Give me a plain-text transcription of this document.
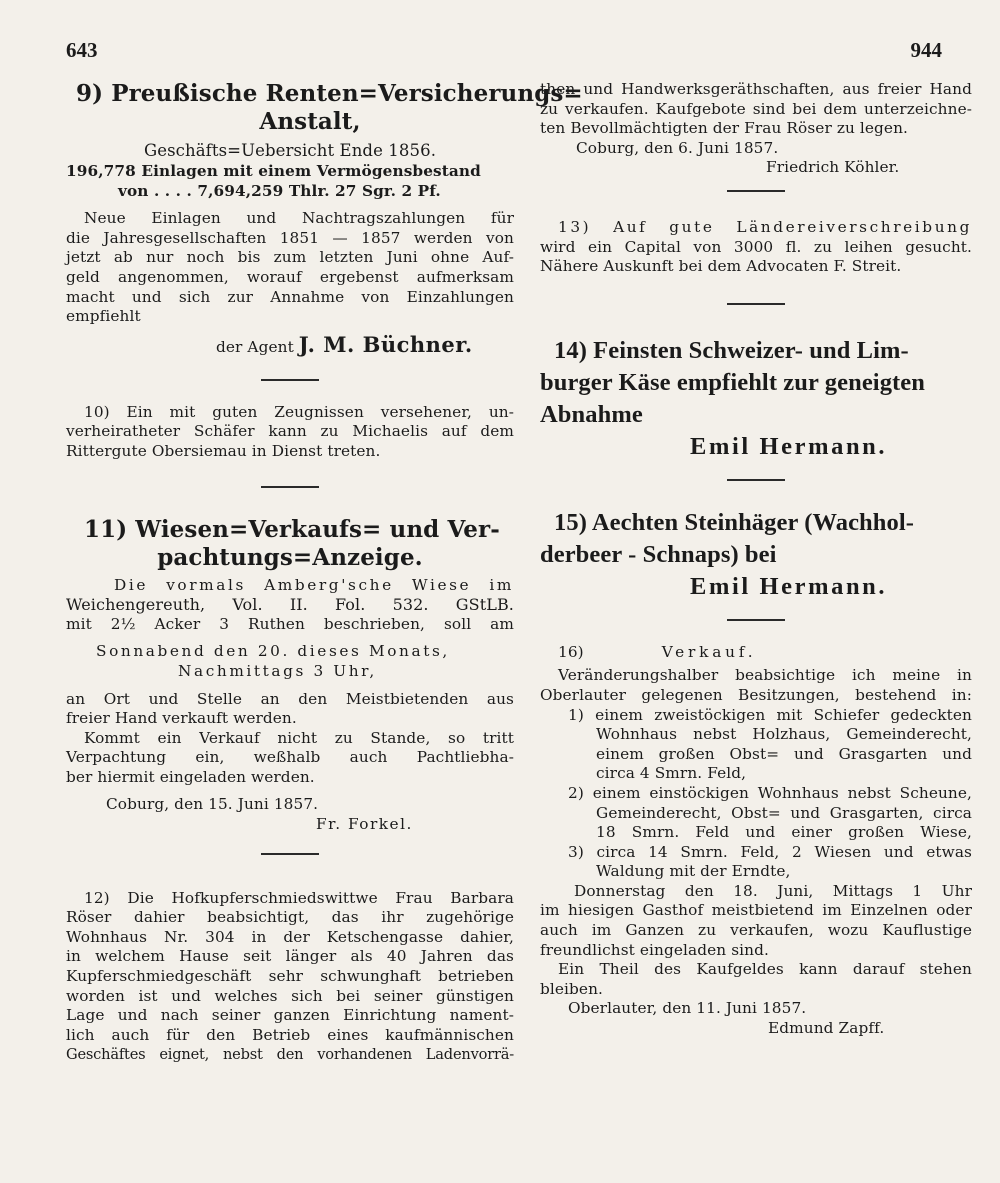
643	944
9) Preußische Renten=Versicherungs=
Anstalt,
Geschäfts=Uebersicht Ende 1856.
196,778 Einlagen mit einem Vermögensbestand
von . . . . 7,694,259 Thlr. 27 Sgr. 2 Pf.
Neue Einlagen und Nachtragszahlungen für
die Jahresgesellschaften 1851 — 1857 werden von
jetzt ab nur noch bis zum letzten Juni ohne Auf-
geld angenommen, worauf ergebenst aufmerksam
macht und sich zur Annahme von Einzahlungen
empfiehlt
der Agent J. M. Büchner.
10) Ein mit guten Zeugnissen versehener, un-
verheiratheter Schäfer kann zu Michaelis auf dem
Rittergute Obersiemau in Dienst treten.
11) Wiesen=Verkaufs= und Ver-
pachtungs=Anzeige.
Die vormals Amberg'sche Wiese im
Weichengereuth, Vol. II. Fol. 532. GStLB.
mit 2½ Acker 3 Ruthen beschrieben, soll am
Sonnabend den 20. dieses Monats,
Nachmittags 3 Uhr,
an Ort und Stelle an den Meistbietenden aus
freier Hand verkauft werden.
Kommt ein Verkauf nicht zu Stande, so tritt
Verpachtung ein, weßhalb auch Pachtliebha-
ber hiermit eingeladen werden.
Coburg, den 15. Juni 1857.
Fr. Forkel.
12) Die Hofkupferschmiedswittwe Frau Barbara
Röser dahier beabsichtigt, das ihr zugehörige
Wohnhaus Nr. 304 in der Ketschengasse dahier,
in welchem Hause seit länger als 40 Jahren das
Kupferschmiedgeschäft sehr schwunghaft betrieben
worden ist und welches sich bei seiner günstigen
Lage und nach seiner ganzen Einrichtung nament-
lich auch für den Betrieb eines kaufmännischen
Geschäftes eignet, nebst den vorhandenen Ladenvorrä-
then und Handwerksgeräthschaften, aus freier Hand
zu verkaufen. Kaufgebote sind bei dem unterzeichne-
ten Bevollmächtigten der Frau Röser zu legen.
Coburg, den 6. Juni 1857.
Friedrich Köhler.
13) Auf gute Ländereiverschreibung
wird ein Capital von 3000 fl. zu leihen gesucht.
Nähere Auskunft bei dem Advocaten F. Streit.
14) Feinsten Schweizer- und Lim-
burger Käse empfiehlt zur geneigten
Abnahme
Emil Hermann.
15) Aechten Steinhäger (Wachhol-
derbeer - Schnaps) bei
Emil Hermann.
16)	Verkauf.
Veränderungshalber beabsichtige ich meine in
Oberlauter gelegenen Besitzungen, bestehend in:
1) einem zweistöckigen mit Schiefer gedeckten
Wohnhaus nebst Holzhaus, Gemeinderecht,
einem großen Obst= und Grasgarten und
circa 4 Smrn. Feld,
2) einem einstöckigen Wohnhaus nebst Scheune,
Gemeinderecht, Obst= und Grasgarten, circa
18 Smrn. Feld und einer großen Wiese,
3) circa 14 Smrn. Feld, 2 Wiesen und etwas
Waldung mit der Erndte,
Donnerstag den 18. Juni, Mittags 1 Uhr
im hiesigen Gasthof meistbietend im Einzelnen oder
auch im Ganzen zu verkaufen, wozu Kauflustige
freundlichst eingeladen sind.
Ein Theil des Kaufgeldes kann darauf stehen
bleiben.
Oberlauter, den 11. Juni 1857.
Edmund Zapff.
